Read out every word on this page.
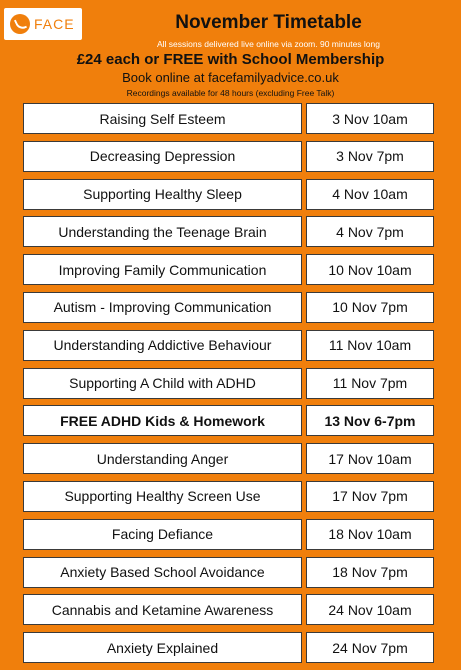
FACE	November Timetable
All sessions delivered live online via zoom. 90 minutes long
£24 each or FREE with School Membership
Book online at facefamilyadvice.co.uk
Recordings available for 48 hours (excluding Free Talk)
Raising Self Esteem	3 Nov 10am
Decreasing Depression	3 Nov 7pm
Supporting Healthy Sleep	4 Nov 10am
Understanding the Teenage Brain	4 Nov 7pm
Improving Family Communication	10 Nov 10am
Autism - Improving Communication	10 Nov 7pm
Understanding Addictive Behaviour	11 Nov 10am
Supporting A Child with ADHD	11 Nov 7pm
FREE ADHD Kids & Homework	13 Nov 6-7pm
Understanding Anger	17 Nov 10am
Supporting Healthy Screen Use	17 Nov 7pm
Facing Defiance	18 Nov 10am
Anxiety Based School Avoidance	18 Nov 7pm
Cannabis and Ketamine Awareness	24 Nov 10am
Anxiety Explained	24 Nov 7pm
